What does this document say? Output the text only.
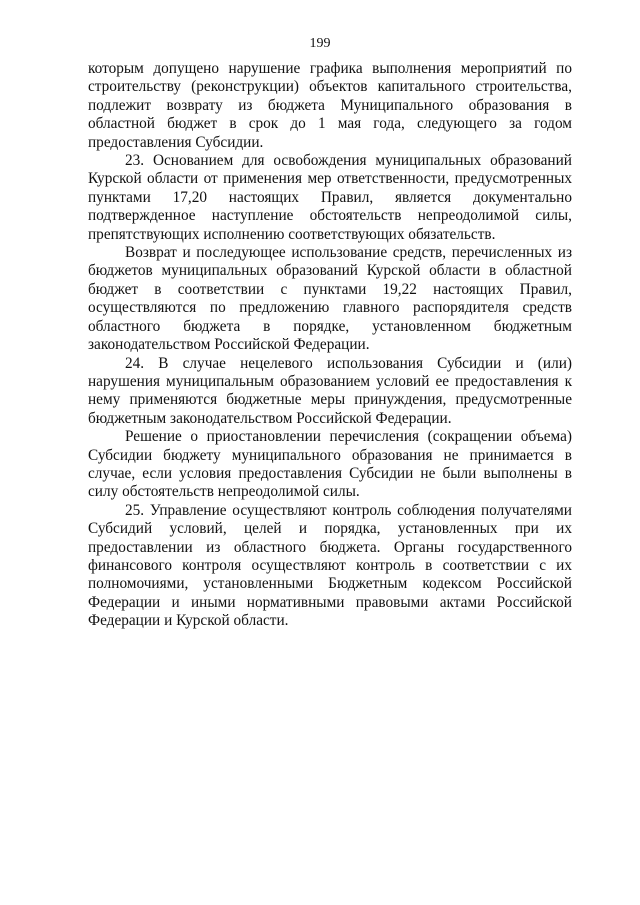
199

которым допущено нарушение графика выполнения мероприятий по строительству (реконструкции) объектов капитального строительства, подлежит возврату из бюджета Муниципального образования в областной бюджет в срок до 1 мая года, следующего за годом предоставления Субсидии.

23. Основанием для освобождения муниципальных образований Курской области от применения мер ответственности, предусмотренных пунктами 17,20 настоящих Правил, является документально подтвержденное наступление обстоятельств непреодолимой силы, препятствующих исполнению соответствующих обязательств.

Возврат и последующее использование средств, перечисленных из бюджетов муниципальных образований Курской области в областной бюджет в соответствии с пунктами 19,22 настоящих Правил, осуществляются по предложению главного распорядителя средств областного бюджета в порядке, установленном бюджетным законодательством Российской Федерации.

24. В случае нецелевого использования Субсидии и (или) нарушения муниципальным образованием условий ее предоставления к нему применяются бюджетные меры принуждения, предусмотренные бюджетным законодательством Российской Федерации.

Решение о приостановлении перечисления (сокращении объема) Субсидии бюджету муниципального образования не принимается в случае, если условия предоставления Субсидии не были выполнены в силу обстоятельств непреодолимой силы.

25. Управление осуществляют контроль соблюдения получателями Субсидий условий, целей и порядка, установленных при их предоставлении из областного бюджета. Органы государственного финансового контроля осуществляют контроль в соответствии с их полномочиями, установленными Бюджетным кодексом Российской Федерации и иными нормативными правовыми актами Российской Федерации и Курской области.
